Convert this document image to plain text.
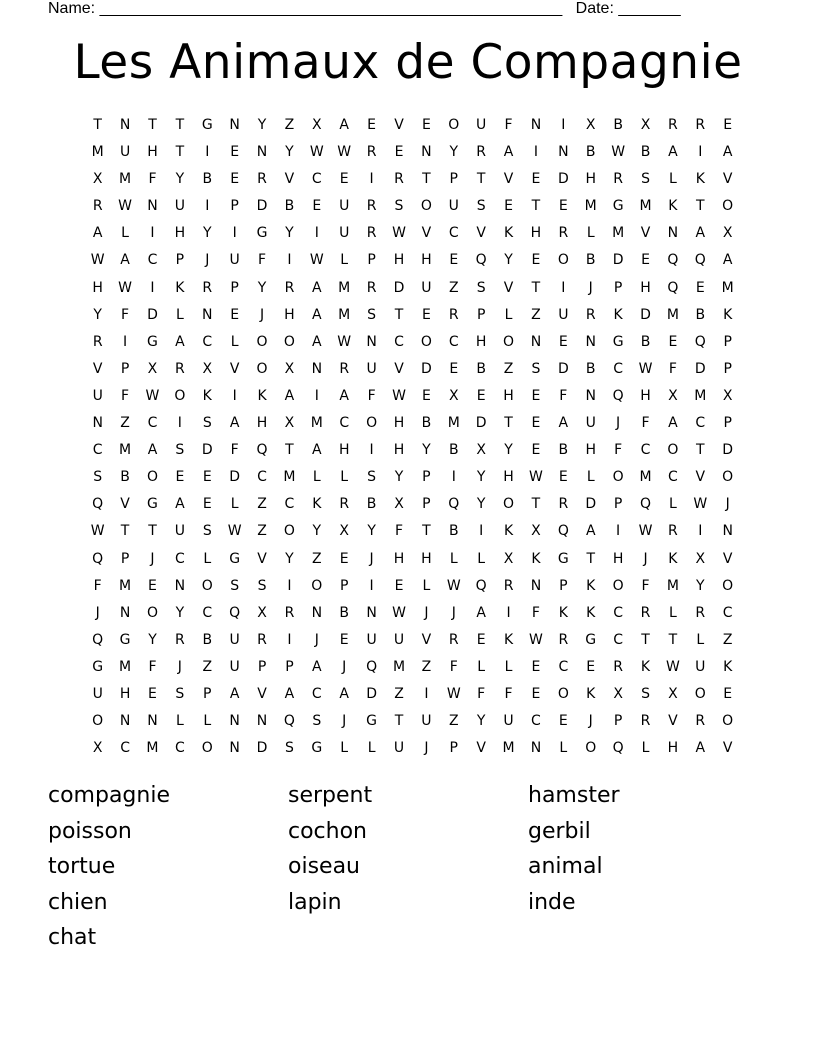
Name: ____________________________________________________ Date: _______
Les Animaux de Compagnie
T	N	T	T	G	N	Y	Z	X	A	E	V	E	O	U	F	N	I	X	B	X	R	R	E
M	U	H	T	I	E	N	Y	W W	R	E	N	Y	R	A	I	N	B	W	B	A	I	A
X	M	F	Y	B	E	R	V	C	E	I	R	T	P	T	V	E	D	H	R	S	L	K	V
R	W	N	U	I	P	D	B	E	U	R	S	O	U	S	E	T	E	M	G	M	K	T	O
A	L	I	H	Y	I	G	Y	I	U	R	W	V	C	V	K	H	R	L	M	V	N	A	X
W	A	C	P	J	U	F	I	W	L	P	H	H	E	Q	Y	E	O	B	D	E	Q	Q	A
H	W	I	K	R	P	Y	R	A	M	R	D	U	Z	S	V	T	I	J	P	H	Q	E	M
Y	F	D	L	N	E	J	H	A	M	S	T	E	R	P	L	Z	U	R	K	D	M	B	K
R	I	G	A	C	L	O	O	A	W	N	C	O	C	H	O	N	E	N	G	B	E	Q	P
V	P	X	R	X	V	O	X	N	R	U	V	D	E	B	Z	S	D	B	C	W	F	D	P
U	F	W	O	K	I	K	A	I	A	F	W	E	X	E	H	E	F	N	Q	H	X	M	X
N	Z	C	I	S	A	H	X	M	C	O	H	B	M	D	T	E	A	U	J	F	A	C	P
C	M	A	S	D	F	Q	T	A	H	I	H	Y	B	X	Y	E	B	H	F	C	O	T	D
S	B	O	E	E	D	C	M	L	L	S	Y	P	I	Y	H	W	E	L	O	M	C	V	O
Q	V	G	A	E	L	Z	C	K	R	B	X	P	Q	Y	O	T	R	D	P	Q	L	W	J
W	T	T	U	S	W	Z	O	Y	X	Y	F	T	B	I	K	X	Q	A	I	W	R	I	N
Q	P	J	C	L	G	V	Y	Z	E	J	H	H	L	L	X	K	G	T	H	J	K	X	V
F	M	E	N	O	S	S	I	O	P	I	E	L	W	Q	R	N	P	K	O	F	M	Y	O
J	N	O	Y	C	Q	X	R	N	B	N	W	J	J	A	I	F	K	K	C	R	L	R	C
Q	G	Y	R	B	U	R	I	J	E	U	U	V	R	E	K	W	R	G	C	T	T	L	Z
G	M	F	J	Z	U	P	P	A	J	Q	M	Z	F	L	L	E	C	E	R	K	W	U	K
U	H	E	S	P	A	V	A	C	A	D	Z	I	W	F	F	E	O	K	X	S	X	O	E
O	N	N	L	L	N	N	Q	S	J	G	T	U	Z	Y	U	C	E	J	P	R	V	R	O
X	C	M	C	O	N	D	S	G	L	L	U	J	P	V	M	N	L	O	Q	L	H	A	V
compagnie	serpent	hamster
poisson	cochon	gerbil
tortue	oiseau	animal
chien	lapin	inde
chat
